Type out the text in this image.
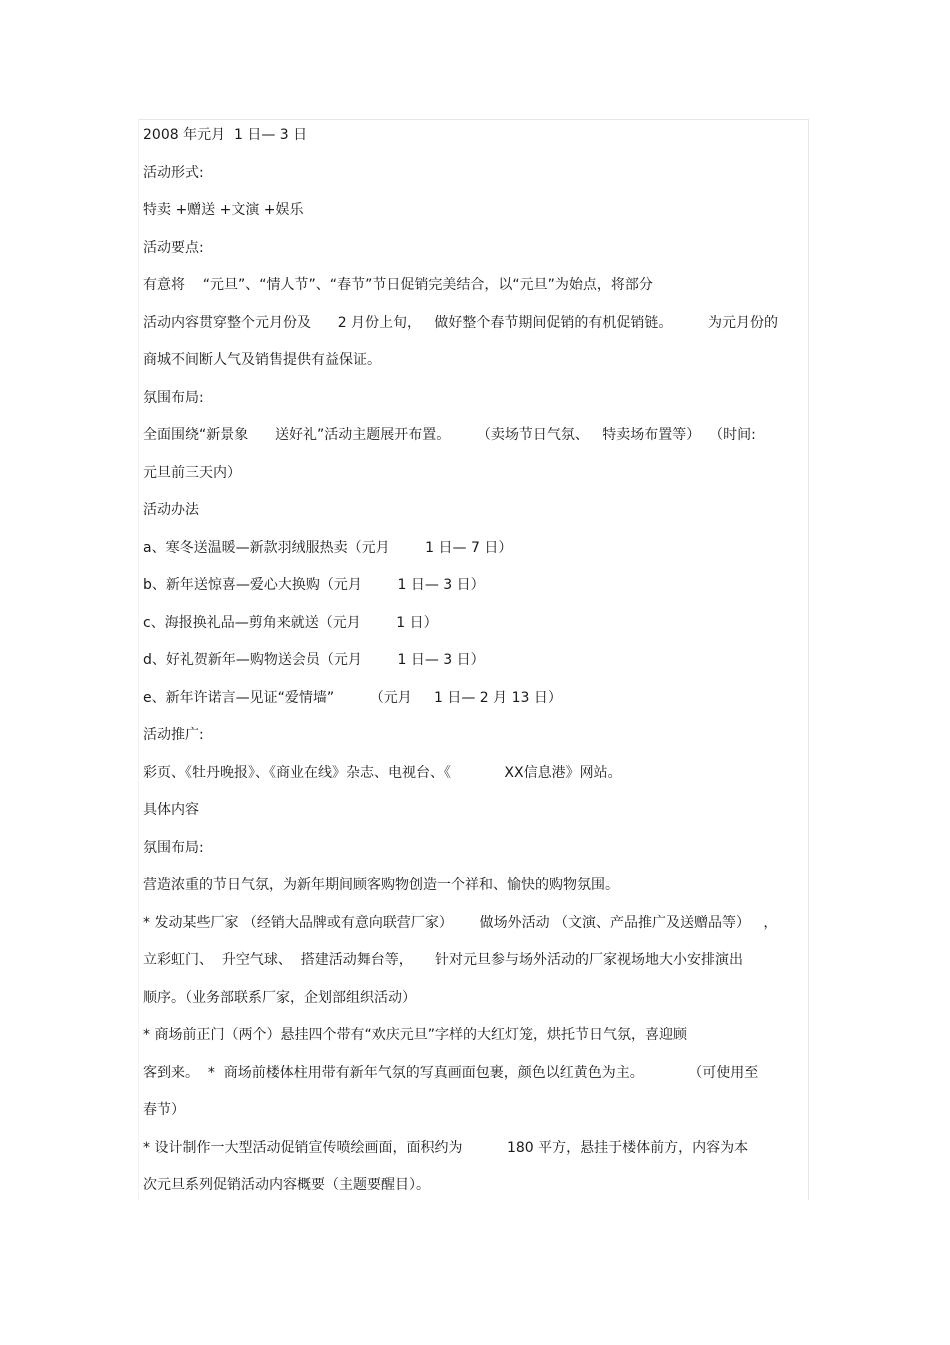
2008 年元月  1 日— 3 日
活动形式:
特卖 +赠送 +文演 +娱乐
活动要点:
有意将    “元旦”、“情人节”、“春节”节日促销完美结合，以“元旦”为始点，将部分
活动内容贯穿整个元月份及      2 月份上旬，   做好整个春节期间促销的有机促销链。        为元月份的
商城不间断人气及销售提供有益保证。
氛围布局:
全面围绕“新景象      送好礼”活动主题展开布置。      （卖场节日气氛、   特卖场布置等）  （时间:
元旦前三天内）
活动办法
a、寒冬送温暖—新款羽绒服热卖（元月        1 日— 7 日）
b、新年送惊喜—爱心大换购（元月        1 日— 3 日）
c、海报换礼品—剪角来就送（元月        1 日）
d、好礼贺新年—购物送会员（元月        1 日— 3 日）
e、新年许诺言—见证“爱情墙”        （元月     1 日— 2 月 13 日）
活动推广:
彩页、《牡丹晚报》、《商业在线》杂志、电视台、《            XX信息港》网站。
具体内容
氛围布局:
营造浓重的节日气氛，为新年期间顾客购物创造一个祥和、愉快的购物氛围。
* 发动某些厂家 （经销大品牌或有意向联营厂家）      做场外活动 （文演、产品推广及送赠品等）   ，
立彩虹门、  升空气球、  搭建活动舞台等，     针对元旦参与场外活动的厂家视场地大小安排演出
顺序。（业务部联系厂家，企划部组织活动）
* 商场前正门（两个）悬挂四个带有“欢庆元旦”字样的大红灯笼，烘托节日气氛，喜迎顾
客到来。  *  商场前楼体柱用带有新年气氛的写真画面包裹，颜色以红黄色为主。          （可使用至
春节）
* 设计制作一大型活动促销宣传喷绘画面，面积约为          180 平方，悬挂于楼体前方，内容为本
次元旦系列促销活动内容概要（主题要醒目）。
